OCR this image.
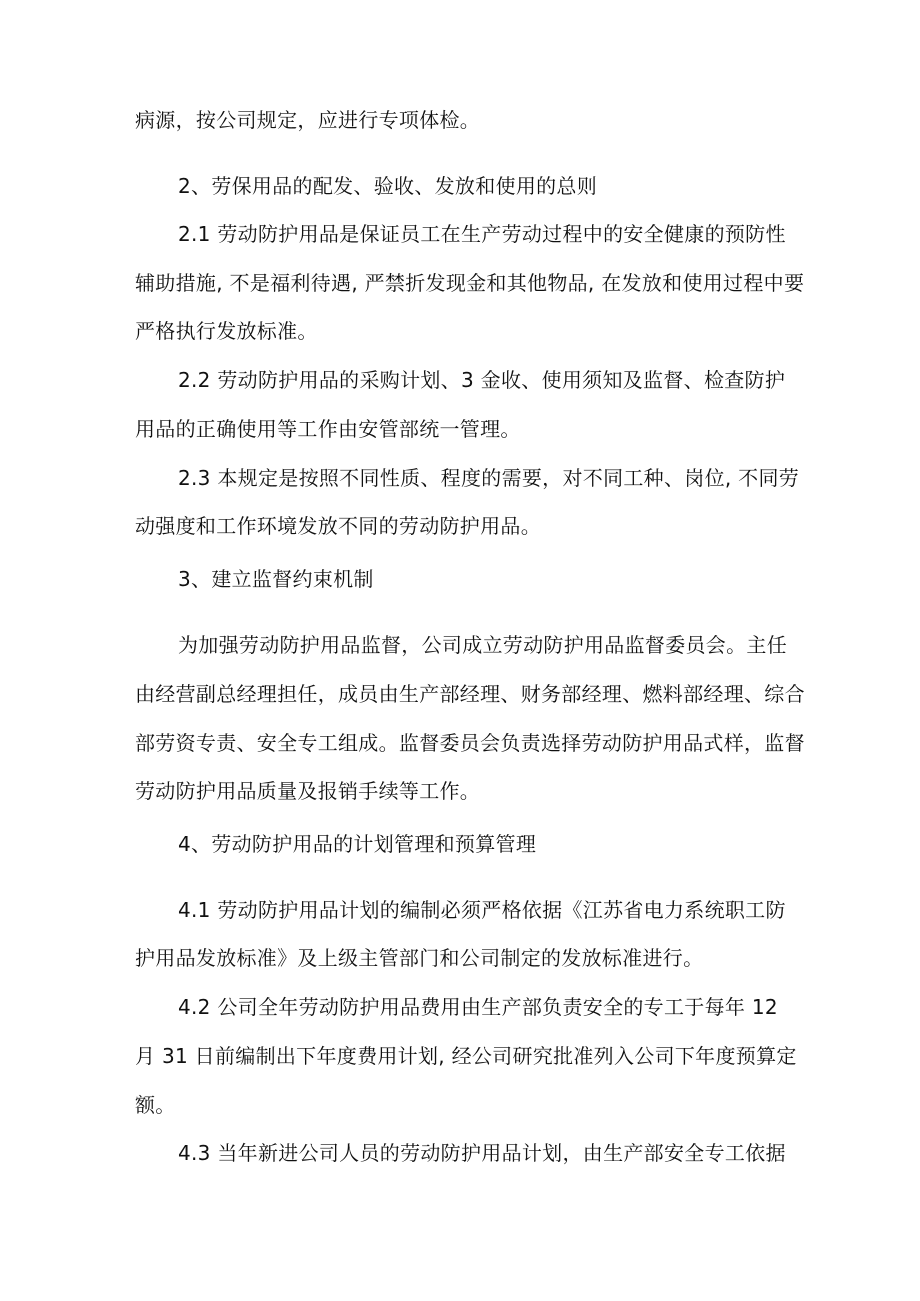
病源，按公司规定，应进行专项体检。
2、劳保用品的配发、验收、发放和使用的总则
2.1 劳动防护用品是保证员工在生产劳动过程中的安全健康的预防性
辅助措施, 不是福利待遇, 严禁折发现金和其他物品, 在发放和使用过程中要
严格执行发放标准。
2.2 劳动防护用品的采购计划、3 金收、使用须知及监督、检查防护
用品的正确使用等工作由安管部统一管理。
2.3 本规定是按照不同性质、程度的需要，对不同工种、岗位, 不同劳
动强度和工作环境发放不同的劳动防护用品。
3、建立监督约束机制
为加强劳动防护用品监督，公司成立劳动防护用品监督委员会。主任
由经营副总经理担任，成员由生产部经理、财务部经理、燃料部经理、综合
部劳资专责、安全专工组成。监督委员会负责选择劳动防护用品式样，监督
劳动防护用品质量及报销手续等工作。
4、劳动防护用品的计划管理和预算管理
4.1 劳动防护用品计划的编制必须严格依据《江苏省电力系统职工防
护用品发放标准》及上级主管部门和公司制定的发放标准进行。
4.2 公司全年劳动防护用品费用由生产部负责安全的专工于每年 12
月 31 日前编制出下年度费用计划, 经公司研究批准列入公司下年度预算定
额。
4.3 当年新进公司人员的劳动防护用品计划，由生产部安全专工依据
